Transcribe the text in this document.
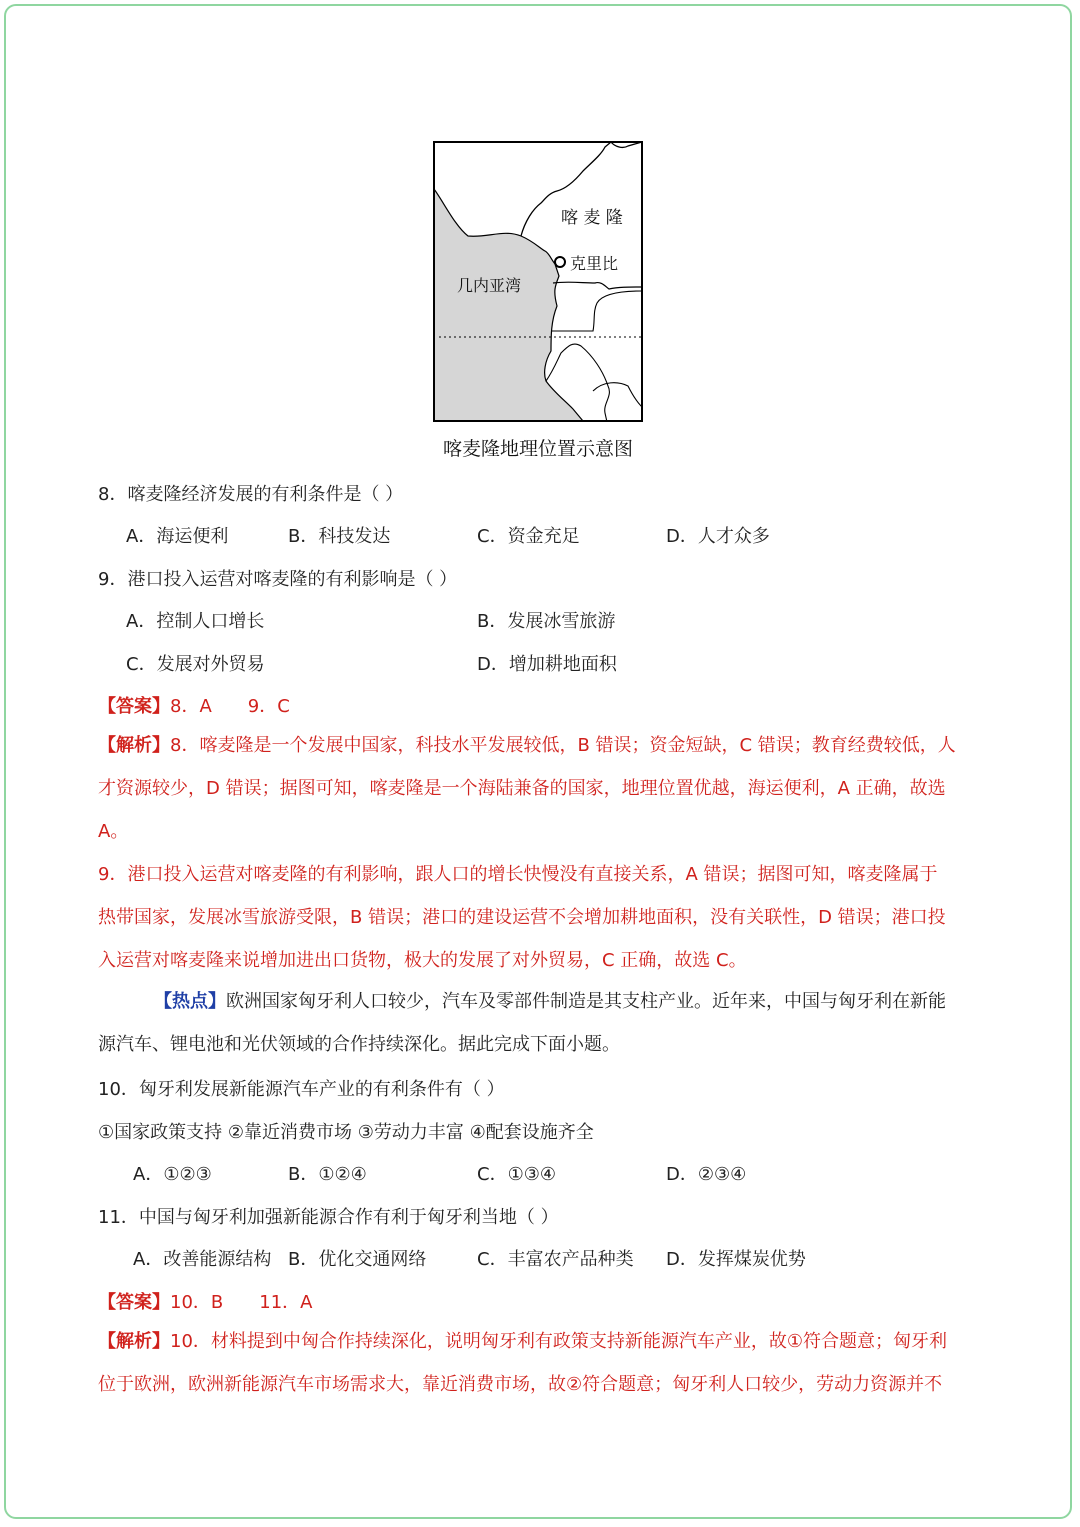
喀 麦 隆
克里比
几内亚湾
喀麦隆地理位置示意图
8．喀麦隆经济发展的有利条件是（ ）
A．海运便利	B．科技发达	C．资金充足	D．人才众多
9．港口投入运营对喀麦隆的有利影响是（ ）
A．控制人口增长	B．发展冰雪旅游
C．发展对外贸易	D．增加耕地面积
【答案】8．A　　9．C
【解析】8．喀麦隆是一个发展中国家，科技水平发展较低，B 错误；资金短缺，C 错误；教育经费较低，人
才资源较少，D 错误；据图可知，喀麦隆是一个海陆兼备的国家，地理位置优越，海运便利，A 正确，故选
A。
9．港口投入运营对喀麦隆的有利影响，跟人口的增长快慢没有直接关系，A 错误；据图可知，喀麦隆属于
热带国家，发展冰雪旅游受限，B 错误；港口的建设运营不会增加耕地面积，没有关联性，D 错误；港口投
入运营对喀麦隆来说增加进出口货物，极大的发展了对外贸易，C 正确，故选 C。
【热点】欧洲国家匈牙利人口较少，汽车及零部件制造是其支柱产业。近年来，中国与匈牙利在新能
源汽车、锂电池和光伏领域的合作持续深化。据此完成下面小题。
10．匈牙利发展新能源汽车产业的有利条件有（ ）
①国家政策支持 ②靠近消费市场 ③劳动力丰富 ④配套设施齐全
A．①②③	B．①②④	C．①③④	D．②③④
11．中国与匈牙利加强新能源合作有利于匈牙利当地（ ）
A．改善能源结构 B．优化交通网络	C．丰富农产品种类 D．发挥煤炭优势
【答案】10．B　　11．A
【解析】10．材料提到中匈合作持续深化，说明匈牙利有政策支持新能源汽车产业，故①符合题意；匈牙利
位于欧洲，欧洲新能源汽车市场需求大，靠近消费市场，故②符合题意；匈牙利人口较少，劳动力资源并不
